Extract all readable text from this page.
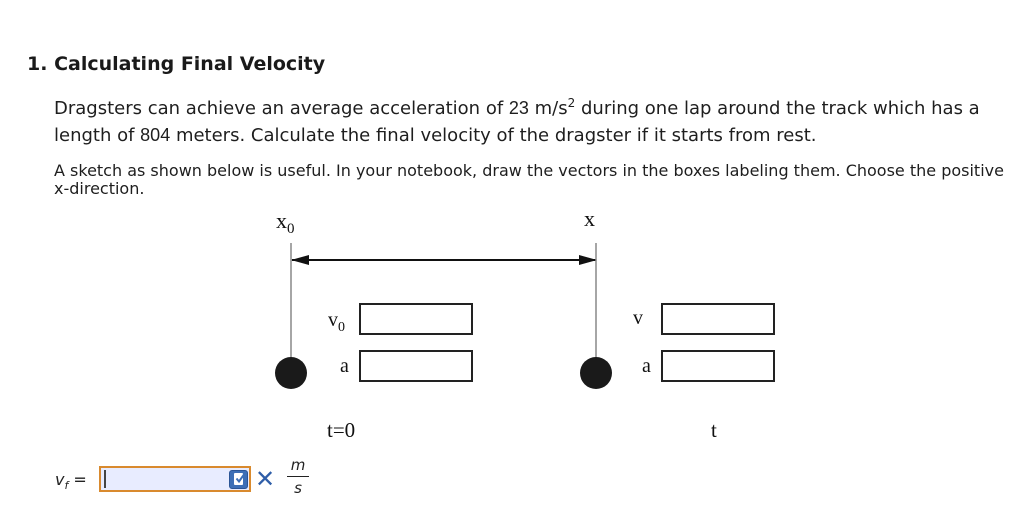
1. Calculating Final Velocity
Dragsters can achieve an average acceleration of 23 $m/s^2$ during one lap around the track which has a length of 804 meters. Calculate the final velocity of the dragster if it starts from rest.
A sketch as shown below is useful. In your notebook, draw the vectors in the boxes labeling them. Choose the positive x-direction.
$x_0$	x
$v_0$
a
v
a
t=0	t
$v_f$ =	✕	m
s
